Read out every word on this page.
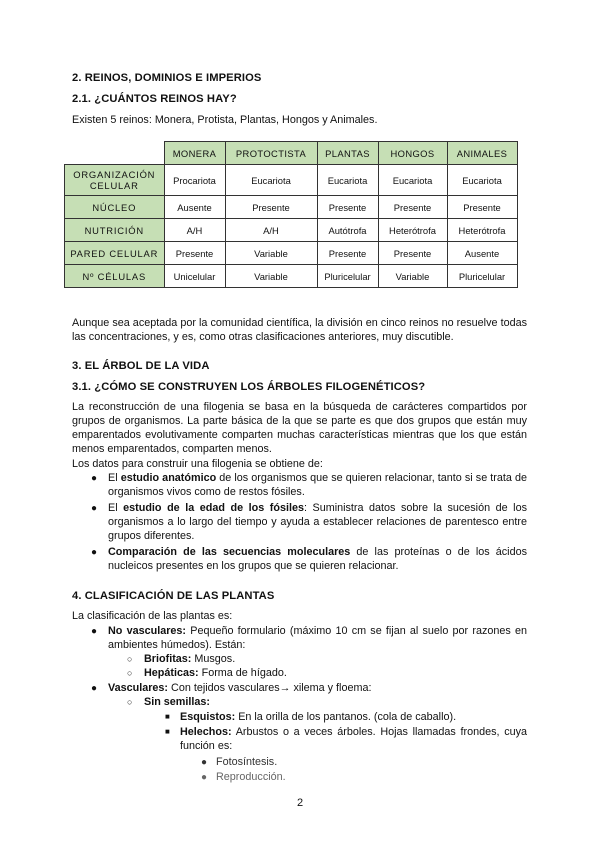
2. REINOS, DOMINIOS E IMPERIOS
2.1. ¿CUÁNTOS REINOS HAY?
Existen 5 reinos: Monera, Protista, Plantas, Hongos y Animales.
	MONERA	PROTOCTISTA	PLANTAS	HONGOS	ANIMALES
ORGANIZACIÓN CELULAR	Procariota	Eucariota	Eucariota	Eucariota	Eucariota
NÚCLEO	Ausente	Presente	Presente	Presente	Presente
NUTRICIÓN	A/H	A/H	Autótrofa	Heterótrofa	Heterótrofa
PARED CELULAR	Presente	Variable	Presente	Presente	Ausente
Nº CÉLULAS	Unicelular	Variable	Pluricelular	Variable	Pluricelular
Aunque sea aceptada por la comunidad científica, la división en cinco reinos no resuelve todas las concentraciones, y es, como otras clasificaciones anteriores, muy discutible.
3. EL ÁRBOL DE LA VIDA
3.1. ¿CÓMO SE CONSTRUYEN LOS ÁRBOLES FILOGENÉTICOS?
La reconstrucción de una filogenia se basa en la búsqueda de carácteres compartidos por grupos de organismos. La parte básica de la que se parte es que dos grupos que están muy emparentados evolutivamente comparten muchas características mientras que los que están menos emparentados, comparten menos.
Los datos para construir una filogenia se obtiene de:
● El estudio anatómico de los organismos que se quieren relacionar, tanto si se trata de organismos vivos como de restos fósiles.
● El estudio de la edad de los fósiles: Suministra datos sobre la sucesión de los organismos a lo largo del tiempo y ayuda a establecer relaciones de parentesco entre grupos diferentes.
● Comparación de las secuencias moleculares de las proteínas o de los ácidos nucleicos presentes en los grupos que se quieren relacionar.
4. CLASIFICACIÓN DE LAS PLANTAS
La clasificación de las plantas es:
● No vasculares: Pequeño formulario (máximo 10 cm se fijan al suelo por razones en ambientes húmedos). Están:
○ Briofitas: Musgos.
○ Hepáticas: Forma de hígado.
● Vasculares: Con tejidos vasculares→ xilema y floema:
○ Sin semillas:
■ Esquistos: En la orilla de los pantanos. (cola de caballo).
■ Helechos: Arbustos o a veces árboles. Hojas llamadas frondes, cuya función es:
● Fotosíntesis.
● Reproducción.
2
